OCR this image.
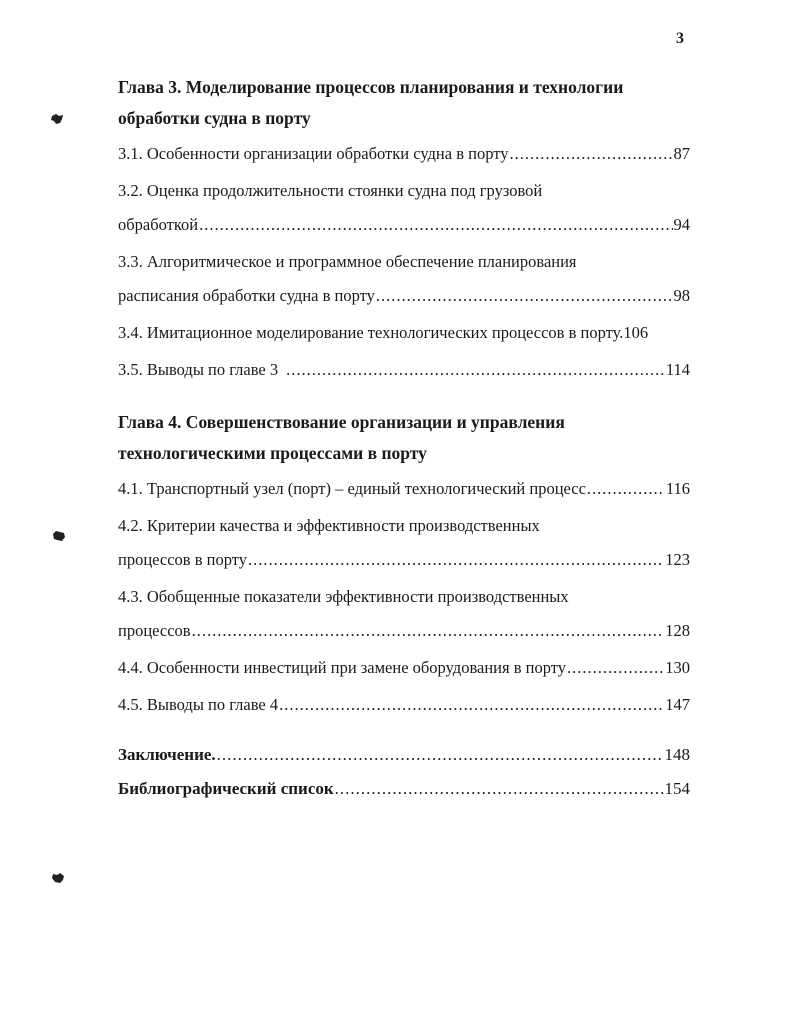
3
Глава 3. Моделирование процессов планирования и технологии
обработки судна в порту
3.1. Особенности организации обработки судна в порту .....	87
3.2. Оценка продолжительности стоянки судна под грузовой
обработкой .....	94
3.3. Алгоритмическое и программное обеспечение планирования
расписания обработки судна в порту .....	98
3.4. Имитационное моделирование технологических процессов в порту. 106
3.5. Выводы по главе 3 .....	114
Глава 4. Совершенствование организации и управления
технологическими процессами в порту
4.1. Транспортный узел (порт) – единый технологический процесс .....	116
4.2. Критерии качества и эффективности производственных
процессов в порту .....	123
4.3. Обобщенные показатели эффективности производственных
процессов .....	128
4.4. Особенности инвестиций при замене оборудования в порту .....	130
4.5. Выводы по главе 4 .....	147
Заключение. .....	148
Библиографический список .....	154
